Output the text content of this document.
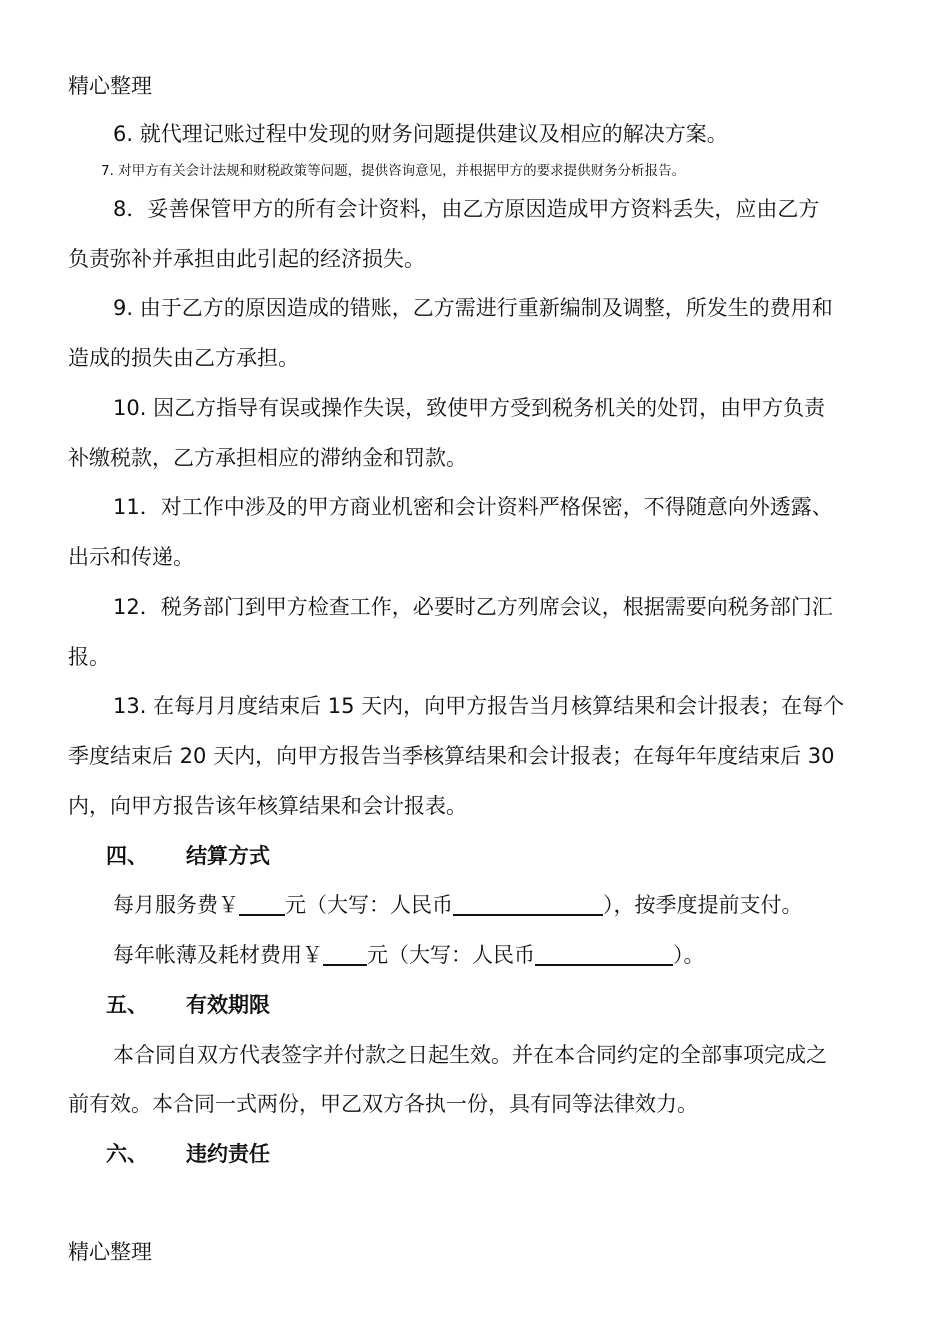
精心整理
6. 就代理记账过程中发现的财务问题提供建议及相应的解决方案。
7. 对甲方有关会计法规和财税政策等问题，提供咨询意见，并根据甲方的要求提供财务分析报告。
8．妥善保管甲方的所有会计资料，由乙方原因造成甲方资料丢失，应由乙方
负责弥补并承担由此引起的经济损失。
9. 由于乙方的原因造成的错账，乙方需进行重新编制及调整，所发生的费用和
造成的损失由乙方承担。
10. 因乙方指导有误或操作失误，致使甲方受到税务机关的处罚，由甲方负责
补缴税款，乙方承担相应的滞纳金和罚款。
11．对工作中涉及的甲方商业机密和会计资料严格保密，不得随意向外透露、
出示和传递。
12．税务部门到甲方检查工作，必要时乙方列席会议，根据需要向税务部门汇
报。
13. 在每月月度结束后 15 天内，向甲方报告当月核算结果和会计报表；在每个
季度结束后 20 天内，向甲方报告当季核算结果和会计报表；在每年年度结束后 30
内，向甲方报告该年核算结果和会计报表。
四、 结算方式
每月服务费￥ 元（大写：人民币	），按季度提前支付。
每年帐薄及耗材费用￥ 元（大写：人民币	）。
五、 有效期限
本合同自双方代表签字并付款之日起生效。并在本合同约定的全部事项完成之
前有效。本合同一式两份，甲乙双方各执一份，具有同等法律效力。
六、 违约责任
精心整理
